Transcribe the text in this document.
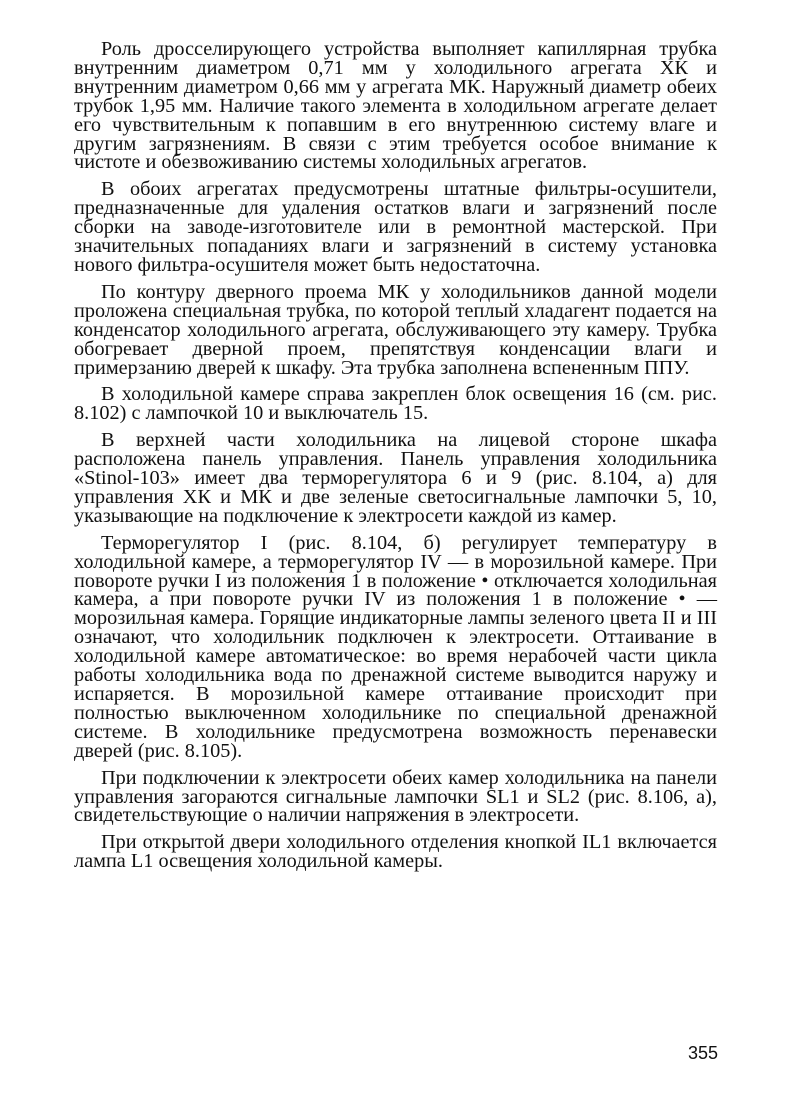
Роль дросселирующего устройства выполняет капиллярная трубка внутренним диаметром 0,71 мм у холодильного агрегата ХК и внутренним диаметром 0,66 мм у агрегата МК. Наружный диаметр обеих трубок 1,95 мм. Наличие такого элемента в холодильном агрегате делает его чувствительным к попавшим в его внутреннюю систему влаге и другим загрязнениям. В связи с этим требуется особое внимание к чистоте и обезвоживанию системы холодильных агрегатов.

В обоих агрегатах предусмотрены штатные фильтры-осушители, предназначенные для удаления остатков влаги и загрязнений после сборки на заводе-изготовителе или в ремонтной мастерской. При значительных попаданиях влаги и загрязнений в систему установка нового фильтра-осушителя может быть недостаточна.

По контуру дверного проема МК у холодильников данной модели проложена специальная трубка, по которой теплый хладагент подается на конденсатор холодильного агрегата, обслуживающего эту камеру. Трубка обогревает дверной проем, препятствуя конденсации влаги и примерзанию дверей к шкафу. Эта трубка заполнена вспененным ППУ.

В холодильной камере справа закреплен блок освещения 16 (см. рис. 8.102) с лампочкой 10 и выключатель 15.

В верхней части холодильника на лицевой стороне шкафа расположена панель управления. Панель управления холодильника «Stinol-103» имеет два терморегулятора 6 и 9 (рис. 8.104, а) для управления ХК и МК и две зеленые светосигнальные лампочки 5, 10, указывающие на подключение к электросети каждой из камер.

Терморегулятор I (рис. 8.104, б) регулирует температуру в холодильной камере, а терморегулятор IV — в морозильной камере. При повороте ручки I из положения 1 в положение • отключается холодильная камера, а при повороте ручки IV из положения 1 в положение • — морозильная камера. Горящие индикаторные лампы зеленого цвета II и III означают, что холодильник подключен к электросети. Оттаивание в холодильной камере автоматическое: во время нерабочей части цикла работы холодильника вода по дренажной системе выводится наружу и испаряется. В морозильной камере оттаивание происходит при полностью выключенном холодильнике по специальной дренажной системе. В холодильнике предусмотрена возможность перенавески дверей (рис. 8.105).

При подключении к электросети обеих камер холодильника на панели управления загораются сигнальные лампочки SL1 и SL2 (рис. 8.106, а), свидетельствующие о наличии напряжения в электросети.

При открытой двери холодильного отделения кнопкой IL1 включается лампа L1 освещения холодильной камеры.

355
